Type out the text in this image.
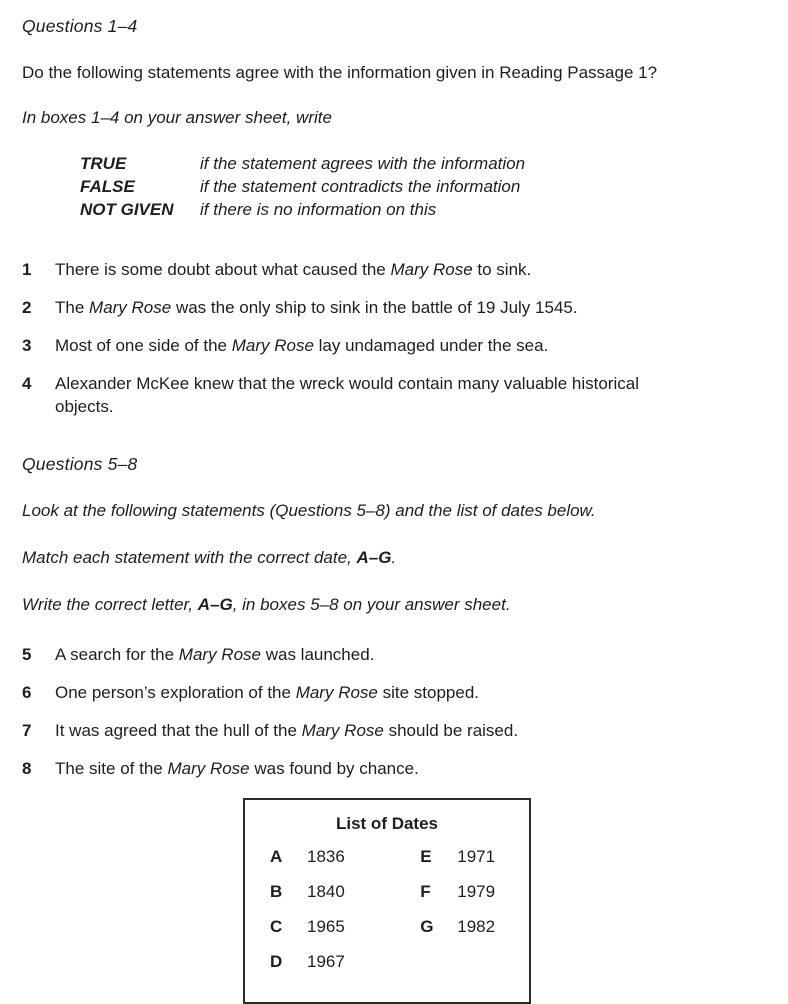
Questions 1–4
Do the following statements agree with the information given in Reading Passage 1?
In boxes 1–4 on your answer sheet, write
TRUE	if the statement agrees with the information
FALSE	if the statement contradicts the information
NOT GIVEN	if there is no information on this
1	There is some doubt about what caused the Mary Rose to sink.
2	The Mary Rose was the only ship to sink in the battle of 19 July 1545.
3	Most of one side of the Mary Rose lay undamaged under the sea.
4	Alexander McKee knew that the wreck would contain many valuable historical objects.
Questions 5–8
Look at the following statements (Questions 5–8) and the list of dates below.
Match each statement with the correct date, A–G.
Write the correct letter, A–G, in boxes 5–8 on your answer sheet.
5	A search for the Mary Rose was launched.
6	One person’s exploration of the Mary Rose site stopped.
7	It was agreed that the hull of the Mary Rose should be raised.
8	The site of the Mary Rose was found by chance.
List of Dates
A	1836
B	1840
C	1965
D	1967
E	1971
F	1979
G	1982
